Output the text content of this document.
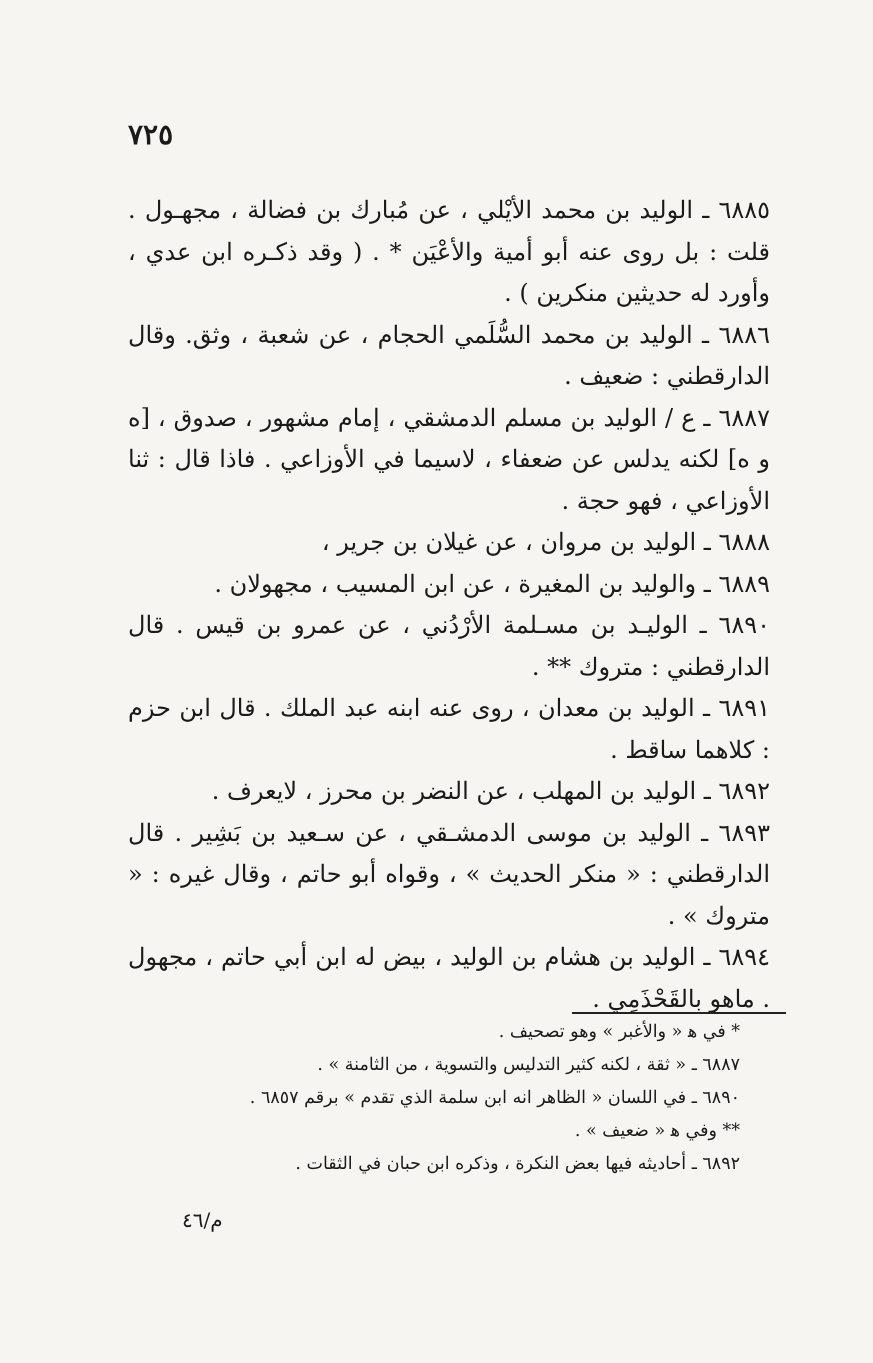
٧٢٥

٦٨٨٥ ـ الوليد بن محمد الأيْلي ، عن مُبارك بن فضالة ، مجهـول . قلت : بل روى عنه أبو أمية والأعْيَن * . ( وقد ذكـره ابن عدي ، وأورد له حديثين منكرين ) .

٦٨٨٦ ـ الوليد بن محمد السُّلَمي الحجام ، عن شعبة ، وثق. وقال الدارقطني : ضعيف .

٦٨٨٧ ـ ع / الوليد بن مسلم الدمشقي ، إمام مشهور ، صدوق ، [ه و ه] لكنه يدلس عن ضعفاء ، لاسيما في الأوزاعي . فاذا قال : ثنا الأوزاعي ، فهو حجة .

٦٨٨٨ ـ الوليد بن مروان ، عن غيلان بن جرير ،

٦٨٨٩ ـ والوليد بن المغيرة ، عن ابن المسيب ، مجهولان .

٦٨٩٠ ـ الوليـد بن مسـلمة الأرْدُني ، عن عمرو بن قيس . قال الدارقطني : متروك ** .

٦٨٩١ ـ الوليد بن معدان ، روى عنه ابنه عبد الملك . قال ابن حزم : كلاهما ساقط .

٦٨٩٢ ـ الوليد بن المهلب ، عن النضر بن محرز ، لايعرف .

٦٨٩٣ ـ الوليد بن موسى الدمشـقي ، عن سـعيد بن بَشِير . قال الدارقطني : « منكر الحديث » ، وقواه أبو حاتم ، وقال غيره : « متروك » .

٦٨٩٤ ـ الوليد بن هشام بن الوليد ، بيض له ابن أبي حاتم ، مجهول . ماهو بالقَحْذَمِي .

* في ﻫ « والأغبر » وهو تصحيف .

٦٨٨٧ ـ « ثقة ، لكنه كثير التدليس والتسوية ، من الثامنة » .

٦٨٩٠ ـ في اللسان « الظاهر انه ابن سلمة الذي تقدم » برقم ٦٨٥٧ .

** وفي ﻫ « ضعيف » .

٦٨٩٢ ـ أحاديثه فيها بعض النكرة ، وذكره ابن حبان في الثقات .

م/٤٦
